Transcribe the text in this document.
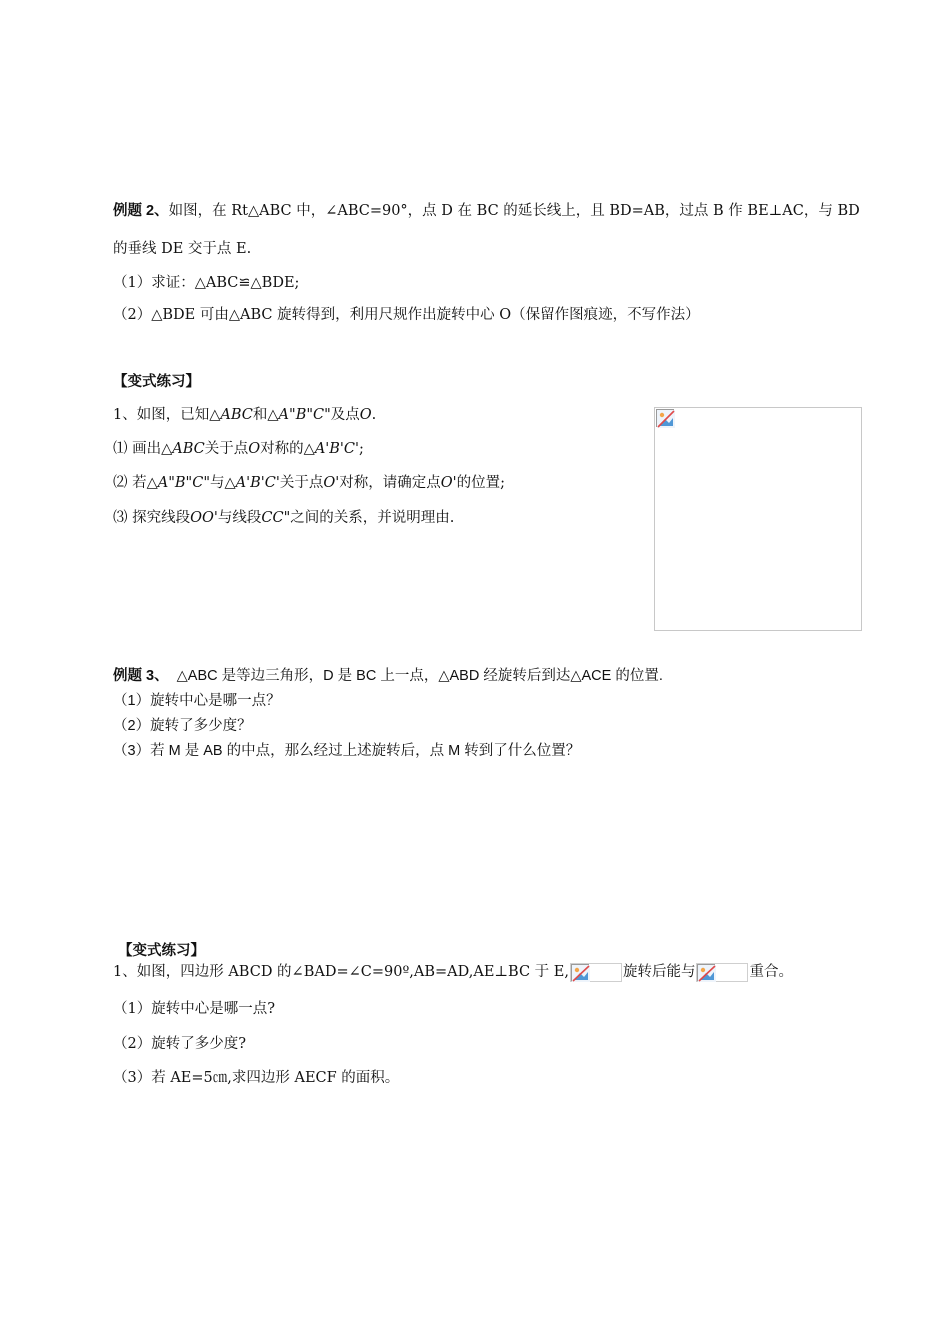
例题 2、如图，在 Rt△ABC 中，∠ABC=90°，点 D 在 BC 的延长线上，且 BD=AB，过点 B 作 BE⊥AC，与 BD
的垂线 DE 交于点 E.
（1）求证：△ABC≌△BDE;
（2）△BDE 可由△ABC 旋转得到，利用尺规作出旋转中心 O（保留作图痕迹，不写作法）
【变式练习】
1、如图，已知△ABC和△A"B"C"及点O.
⑴ 画出△ABC关于点O对称的△A'B'C';
⑵ 若△A"B"C"与△A'B'C'关于点O'对称，请确定点O'的位置;
⑶ 探究线段OO'与线段CC"之间的关系，并说明理由.
例题 3、 △ABC 是等边三角形，D 是 BC 上一点，△ABD 经旋转后到达△ACE 的位置.
（1）旋转中心是哪一点？
（2）旋转了多少度？
（3）若 M 是 AB 的中点，那么经过上述旋转后，点 M 转到了什么位置？
【变式练习】
1、如图，四边形 ABCD 的∠BAD=∠C=90º,AB=AD,AE⊥BC 于 E,	旋转后能与	重合。
（1）旋转中心是哪一点?
（2）旋转了多少度?
（3）若 AE=5㎝,求四边形 AECF 的面积。
